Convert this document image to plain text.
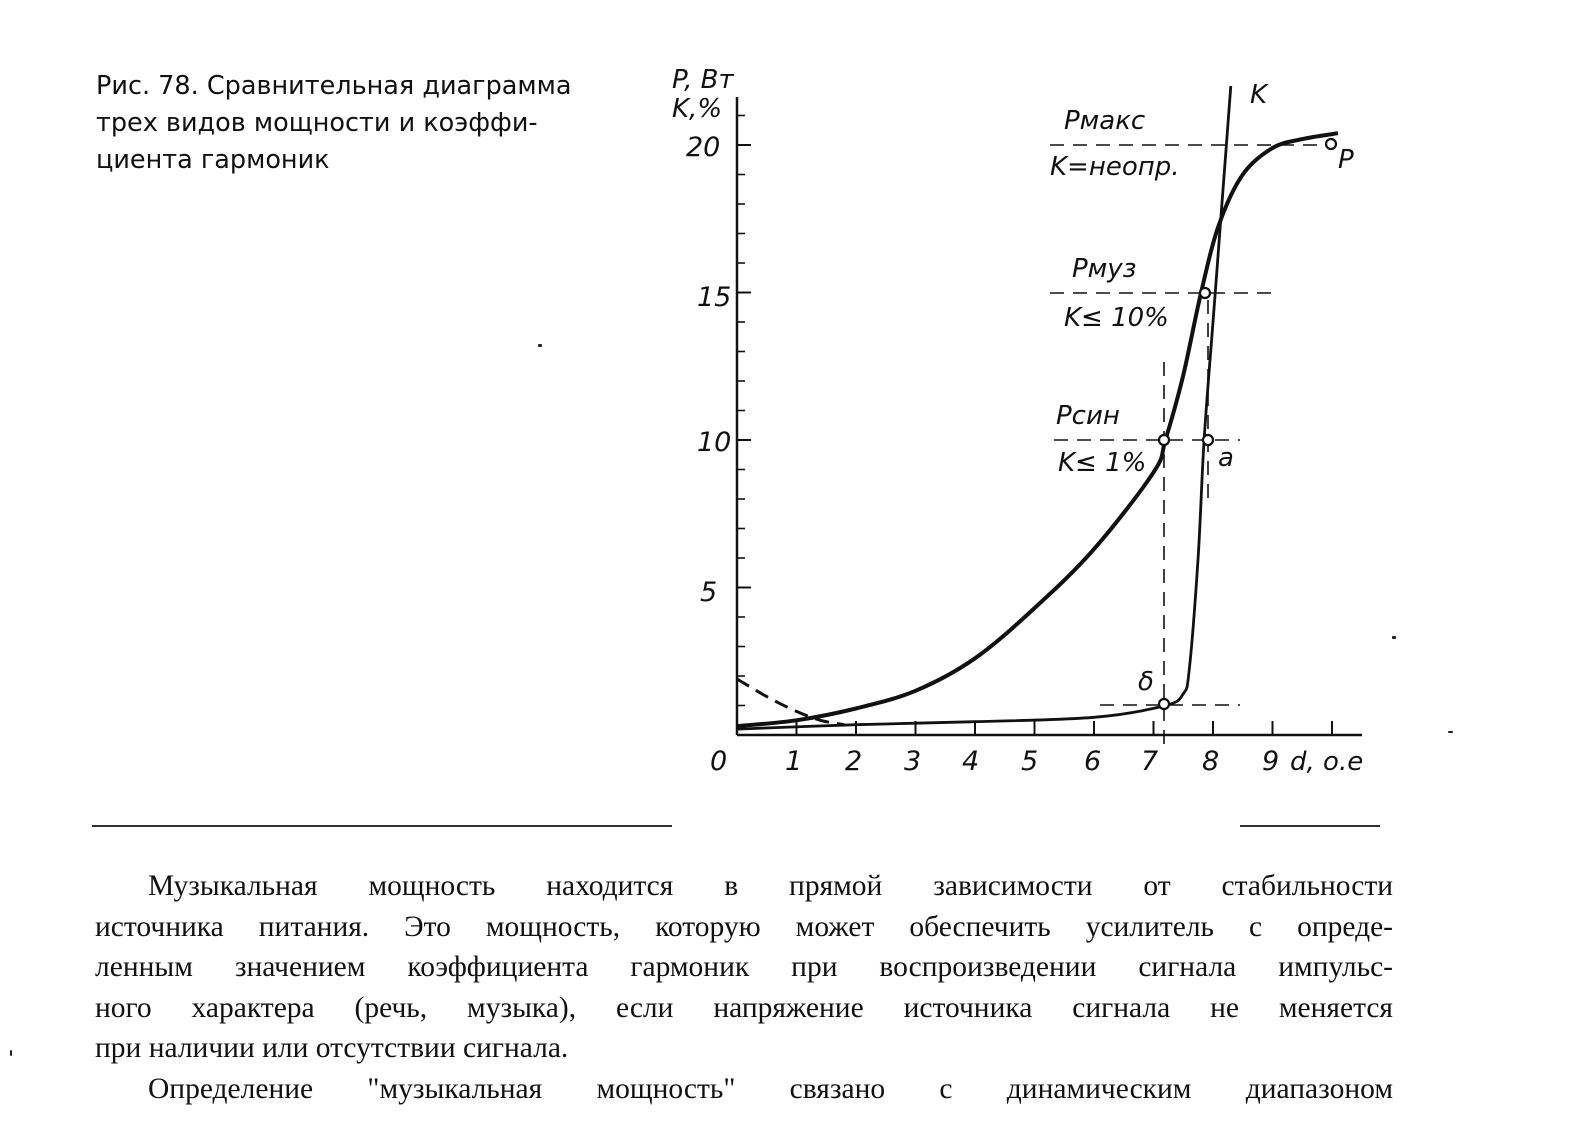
Рис. 78. Сравнительная диаграмма
трех видов мощности и коэффи-
циента гармоник
P, Вт
K,%
d, o.e
5
10
15
20
0 1 2 3 4 5 6 7 8 9
Pмакс
K=неопр.
Pмуз
K≤ 10%
Pсин
K≤ 1%
K
P
a
δ

Музыкальная мощность находится в прямой зависимости от стабильности
источника питания. Это мощность, которую может обеспечить усилитель с опреде-
ленным значением коэффициента гармоник при воспроизведении сигнала импульс-
ного характера (речь, музыка), если напряжение источника сигнала не меняется
при наличии или отсутствии сигнала.

Определение "музыкальная мощность" связано с динамическим диапазоном
